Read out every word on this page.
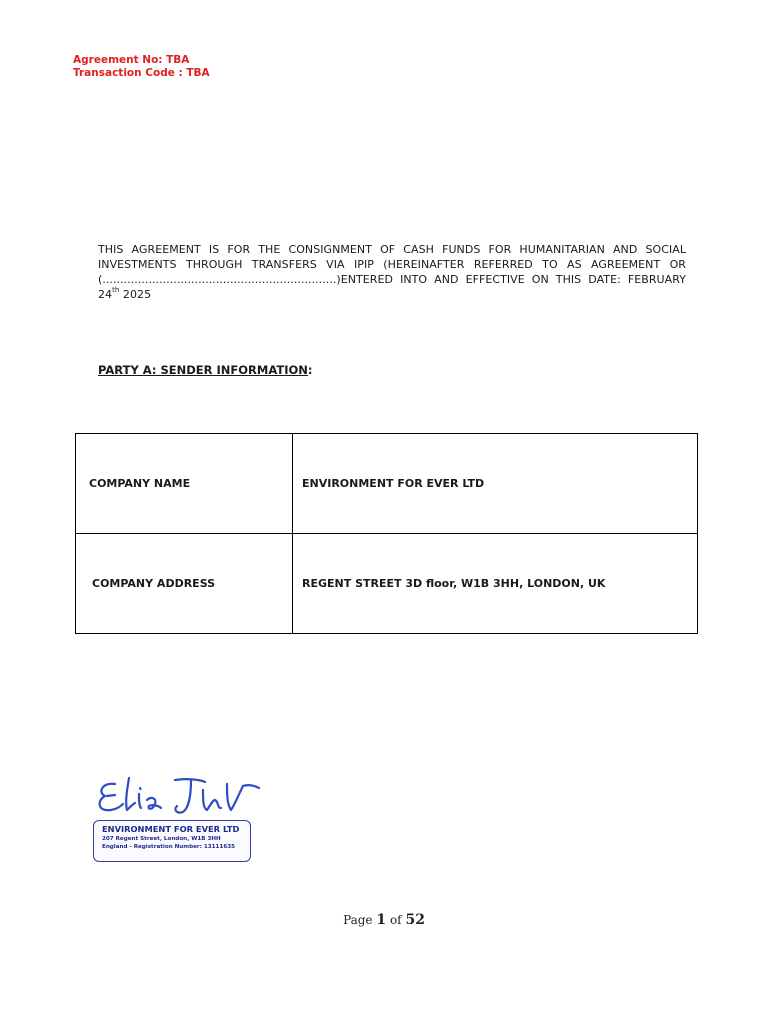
Agreement No: TBA
Transaction Code : TBA

THIS AGREEMENT IS FOR THE CONSIGNMENT OF CASH FUNDS FOR HUMANITARIAN AND SOCIAL INVESTMENTS THROUGH TRANSFERS VIA IPIP (HEREINAFTER REFERRED TO AS AGREEMENT OR (..................................................................)ENTERED INTO AND EFFECTIVE ON THIS DATE: FEBRUARY 24th 2025

PARTY A: SENDER INFORMATION:
COMPANY NAME	ENVIRONMENT FOR EVER LTD

COMPANY ADDRESS	REGENT STREET 3D floor, W1B 3HH, LONDON, UK
ENVIRONMENT FOR EVER LTD
207 Regent Street, London, W1B 3HH
England - Registration Number: 13111635
Page 1 of 52
